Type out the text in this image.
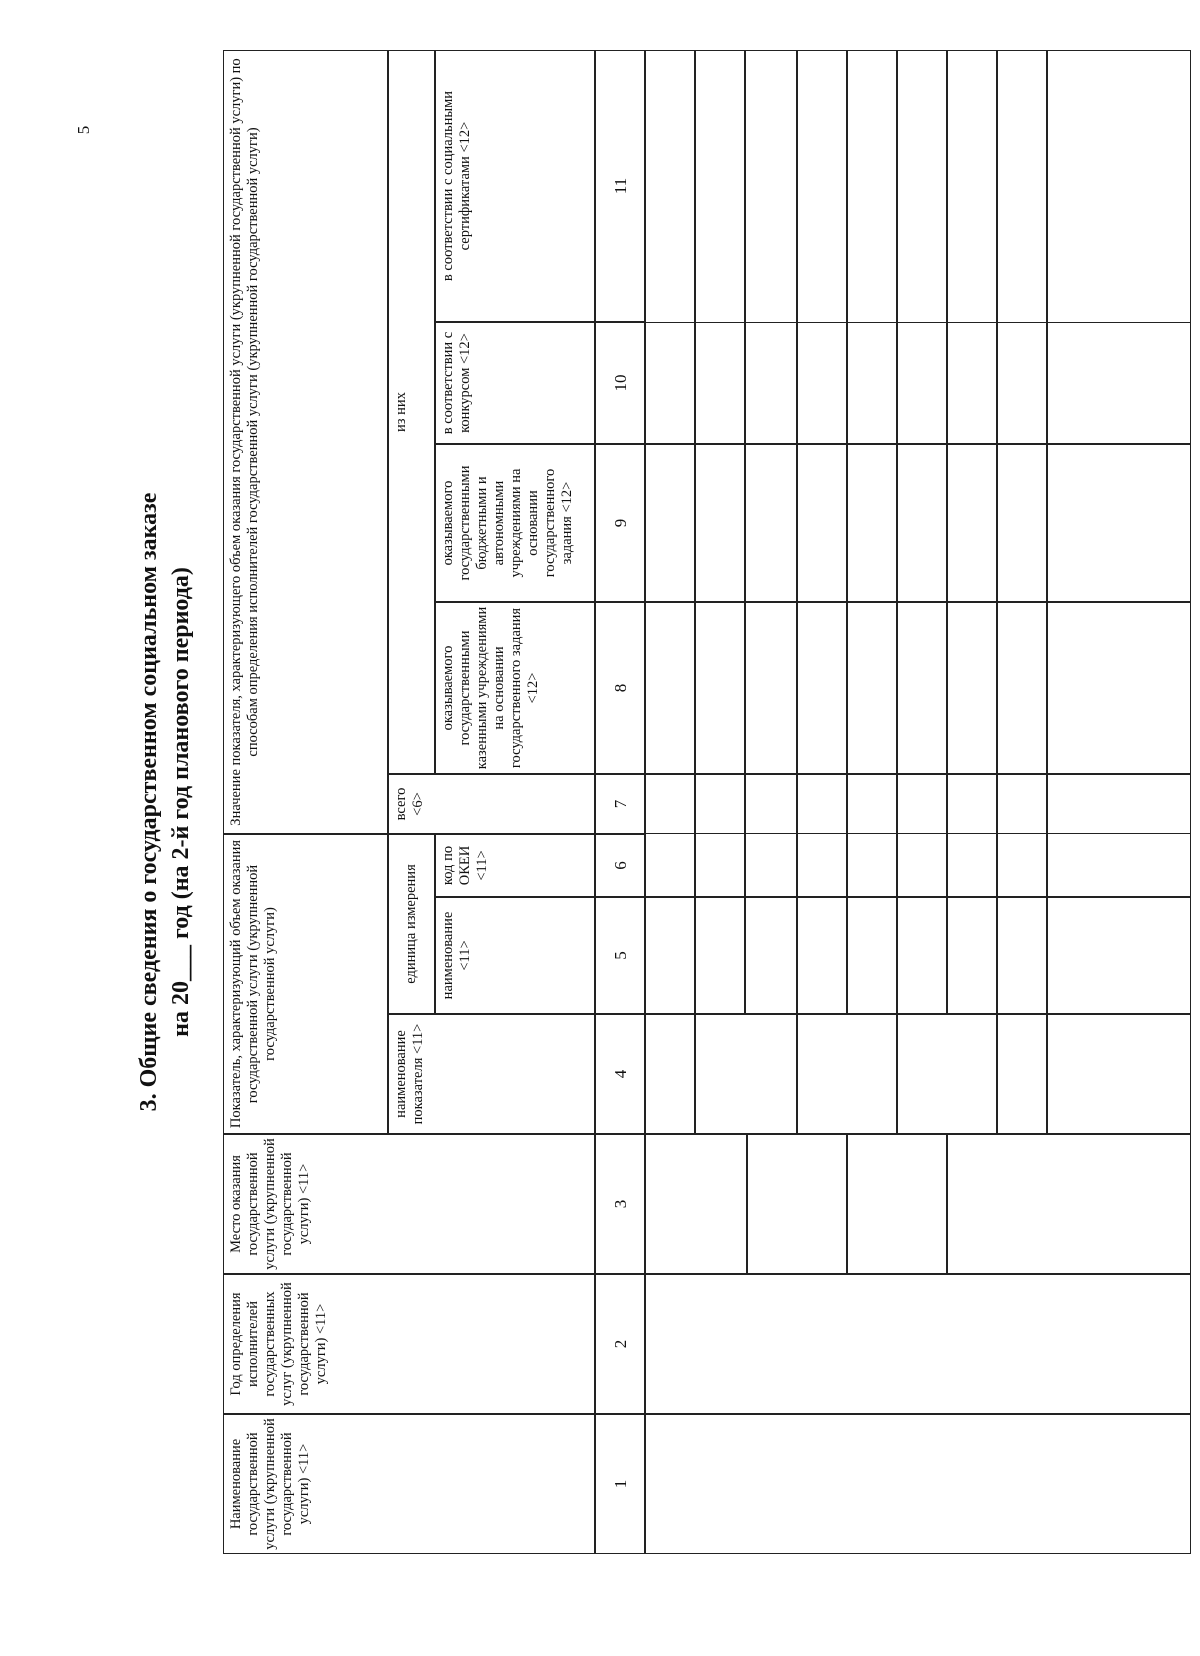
5
3. Общие сведения о государственном социальном заказе на 20___ год (на 2-й год планового периода)
Наименование государственной услуги (укрупненной государственной услуги) <11>
Год определения исполнителей государственных услуг (укрупненной государственной услуги) <11>
Место оказания государственной услуги (укрупненной государственной услуги) <11>
Показатель, характеризующий объем оказания государственной услуги (укрупненной государственной услуги)
наименование показателя <11>
единица измерения	наименование <11>
код по ОКЕИ <11>
Значение показателя, характеризующего объем оказания государственной услуги (укрупненной государственной услуги) по способам определения исполнителей государственной услуги (укрупненной государственной услуги)
всего <6>
из них
оказываемого государственными казенными учреждениями на основании государственного задания <12>
оказываемого государственными бюджетными и автономными учреждениями на основании государственного задания <12>
в соответствии с конкурсом <12>
в соответствии с социальными сертификатами <12>
1
2
3
4
5
6
7
8
9
10
11
